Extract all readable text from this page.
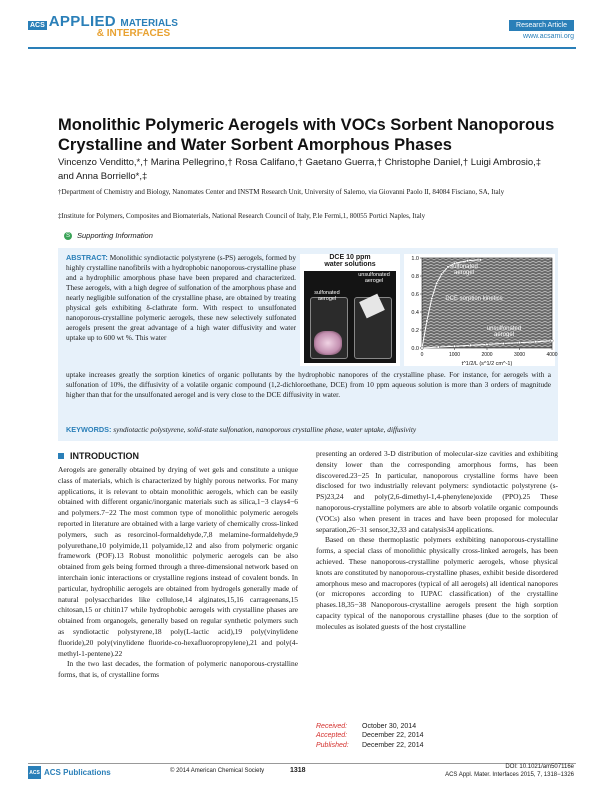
ACS APPLIED MATERIALS
& INTERFACES
Research Article
www.acsami.org
Monolithic Polymeric Aerogels with VOCs Sorbent Nanoporous Crystalline and Water Sorbent Amorphous Phases
Vincenzo Venditto,*,† Marina Pellegrino,† Rosa Califano,† Gaetano Guerra,† Christophe Daniel,† Luigi Ambrosio,‡ and Anna Borriello*,‡
†Department of Chemistry and Biology, Nanomates Center and INSTM Research Unit, University of Salerno, via Giovanni Paolo II, 84084 Fisciano, SA, Italy
‡Institute for Polymers, Composites and Biomaterials, National Research Council of Italy, P.le Fermi,1, 80055 Portici Naples, Italy
S Supporting Information
ABSTRACT: Monolithic syndiotactic polystyrene (s-PS) aerogels, formed by highly crystalline nanofibrils with a hydrophobic nanoporous-crystalline phase and a hydrophilic amorphous phase have been prepared and characterized. These aerogels, with a high degree of sulfonation of the amorphous phase and nearly negligible sulfonation of the crystalline phase, are obtained by treating physical gels exhibiting δ-clathrate form. With respect to unsulfonated nanoporous-crystalline polymeric aerogels, these new selectively sulfonated aerogels present the great advantage of a high water diffusivity and water uptake up to 600 wt %. This water
uptake increases greatly the sorption kinetics of organic pollutants by the hydrophobic nanopores of the crystalline phase. For instance, for aerogels with a sulfonation of 10%, the diffusivity of a volatile organic compound (1,2-dichloroethane, DCE) from 10 ppm aqueous solution is more than 3 orders of magnitude higher than that for the unsulfonated aerogel and is very close to the DCE diffusivity in water.
KEYWORDS: syndiotactic polystyrene, solid-state sulfonation, nanoporous crystalline phase, water uptake, diffusivity
DCE 10 ppm
water solutions
sulfonated
aerogel
unsulfonated
aerogel
0.0
0.2
0.4
0.6
0.8
1.0
0	1000	2000	3000	4000
t^1/2/L (s^1/2 cm^-1)
sulfonated aerogel
DCE sorption kinetics
unsulfonated aerogel
INTRODUCTION

Aerogels are generally obtained by drying of wet gels and constitute a unique class of materials, which is characterized by highly porous networks. For many applications, it is relevant to obtain monolithic aerogels, which can be easily obtained with different organic/inorganic materials such as silica,1−3 clays4−6 and polymers.7−22 The most common type of monolithic polymeric aerogels reported in literature are obtained with a large variety of chemically cross-linked polymers, such as resorcinol-formaldehyde,7,8 melamine-formaldehyde,9 polyurethane,10 polyimide,11 polyamide,12 and also from polymeric organic framework (POF).13 Robust monolithic polymeric aerogels can be also obtained from gels being formed through a three-dimensional network based on interchain ionic interactions or crystalline regions instead of covalent bonds. In particular, hydrophilic aerogels are obtained from hydrogels generally made of natural polysaccharides like cellulose,14 alginates,15,16 carrageenans,15 chitosan,15 or chitin17 while hydrophobic aerogels with crystalline phases are obtained from organogels, generally based on regular synthetic polymers such as syndiotactic polystyrene,18 poly(L-lactic acid),19 poly(vinylidene fluoride),20 poly(vinylidene fluoride-co-hexafluoropropylene),21 and poly(4-methyl-1-pentene).22

In the two last decades, the formation of polymeric nanoporous-crystalline forms, that is, of crystalline forms

presenting an ordered 3-D distribution of molecular-size cavities and exhibiting density lower than the corresponding amorphous forms, has been discovered.23−25 In particular, nanoporous crystalline forms have been disclosed for two industrially relevant polymers: syndiotactic polystyrene (s-PS)23,24 and poly(2,6-dimethyl-1,4-phenylene)oxide (PPO).25 These nanoporous-crystalline polymers are able to absorb volatile organic compounds (VOCs) also when present in traces and have been proposed for molecular separation,26−31 sensor,32,33 and catalysis34 applications.

Based on these thermoplastic polymers exhibiting nanoporous-crystalline forms, a special class of monolithic physically cross-linked aerogels, has been achieved. These nanoporous-crystalline polymeric aerogels, whose physical knots are constituted by nanoporous-crystalline phases, exhibit beside disordered amorphous meso and macropores (typical of all aerogels) all identical nanopores (or micropores according to IUPAC classification) of the crystalline phases.18,35−38 Nanoporous-crystalline aerogels present the high sorption capacity typical of the nanoporous crystalline phases (due to the sorption of molecules as isolated guests of the host crystalline

Received:	October 30, 2014
Accepted:	December 22, 2014
Published:	December 22, 2014
ACS ACS Publications	© 2014 American Chemical Society	1318	DOI: 10.1021/am507116e
ACS Appl. Mater. Interfaces 2015, 7, 1318−1326
